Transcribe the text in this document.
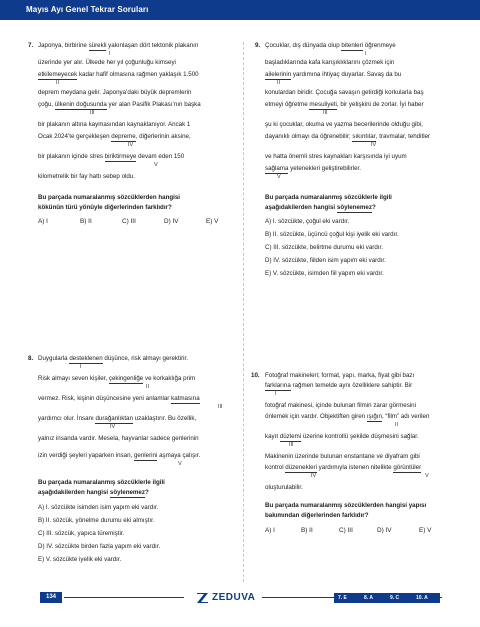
Mayıs Ayı Genel Tekrar Soruları
7. Japonya, birbirine sürekli yakınlaşan dört tektonik plakanın
I
üzerinde yer alır. Ülkede her yıl çoğunluğu kimseyi
etkilemeyecek kadar hafif olmasına rağmen yaklaşık 1.500
II
deprem meydana gelir. Japonya’daki büyük depremlerin
çoğu, ülkenin doğusunda yer alan Pasifik Plakası’nın başka
III
bir plakanın altına kaymasından kaynaklanıyor. Ancak 1
Ocak 2024’te gerçekleşen depreme, diğerlerinin aksine,
IV
bir plakanın içinde stres biriktirmeye devam eden 150
V
kilometrelik bir fay hattı sebep oldu.
Bu parçada numaralanmış sözcüklerden hangisi
kökünün türü yönüyle diğerlerinden farklıdır?
A) I	B) II	C) III	D) IV	E) V
9. Çocuklar, dış dünyada olup bitenleri öğrenmeye
I
başladıklarında kafa karışıklıklarını çözmek için
ailelerinin yardımına ihtiyaç duyarlar. Savaş da bu
II
konulardan biridir. Çocuğa savaşın getirdiği korkularla baş
etmeyi öğretme mesuliyeti, bir yetişkini de zorlar. İyi haber
III
şu ki çocuklar, okuma ve yazma becerilerinde olduğu gibi,
dayanıklı olmayı da öğrenebilir; sıkıntılar, travmalar, tehditler
IV
ve hatta önemli stres kaynakları karşısında iyi uyum
sağlama yetenekleri geliştirebilirler.
V
Bu parçada numaralanmış sözcüklerle ilgili
aşağıdakilerden hangisi söylenemez?
A) I. sözcükte, çoğul eki vardır.
B) II. sözcükte, üçüncü çoğul kişi iyelik eki vardır.
C) III. sözcükte, belirtme durumu eki vardır.
D) IV. sözcükte, fiilden isim yapım eki vardır.
E) V. sözcükte, isimden fiil yapım eki vardır.
8. Duygularla desteklenen düşünce, risk almayı gerektirir.
I
Risk almayı seven kişiler, çekingenliğe ve korkaklığa prim
II
vermez. Risk, kişinin düşüncesine yeni anlamlar katmasına
III
yardımcı olur. İnsanı durağanlıktan uzaklaştırır. Bu özellik,
IV
yalnız insanda vardır. Mesela, hayvanlar sadece genlerinin
izin verdiği şeyleri yaparken insan, genlerini aşmaya çalışır.
V
Bu parçada numaralanmış sözcüklerle ilgili
aşağıdakilerden hangisi söylenemez?
A) I. sözcükte isimden isim yapım eki vardır.
B) II. sözcük, yönelme durumu eki almıştır.
C) III. sözcük, yapıca türemiştir.
D) IV. sözcükte birden fazla yapım eki vardır.
E) V. sözcükte iyelik eki vardır.
10. Fotoğraf makineleri; format, yapı, marka, fiyat gibi bazı
farklarına rağmen temelde aynı özelliklere sahiptir. Bir
I
fotoğraf makinesi, içinde bulunan filmin zarar görmesini
önlemek için vardır. Objektiften giren ışığın, “film” adı verilen
II
kayıt düzlemi üzerine kontrollü şekilde düşmesini sağlar.
III
Makinenin üzerinde bulunan enstantane ve diyafram gibi
kontrol düzenekleri yardımıyla istenen nitelikte görüntüler
IV	V
oluşturulabilir.
Bu parçada numaralanmış sözcüklerden hangisi yapısı
bakımından diğerlerinden farklıdır?
A) I	B) II	C) III	D) IV	E) V
134	ZEDUVA	7. E	8. A	9. C	10. A
